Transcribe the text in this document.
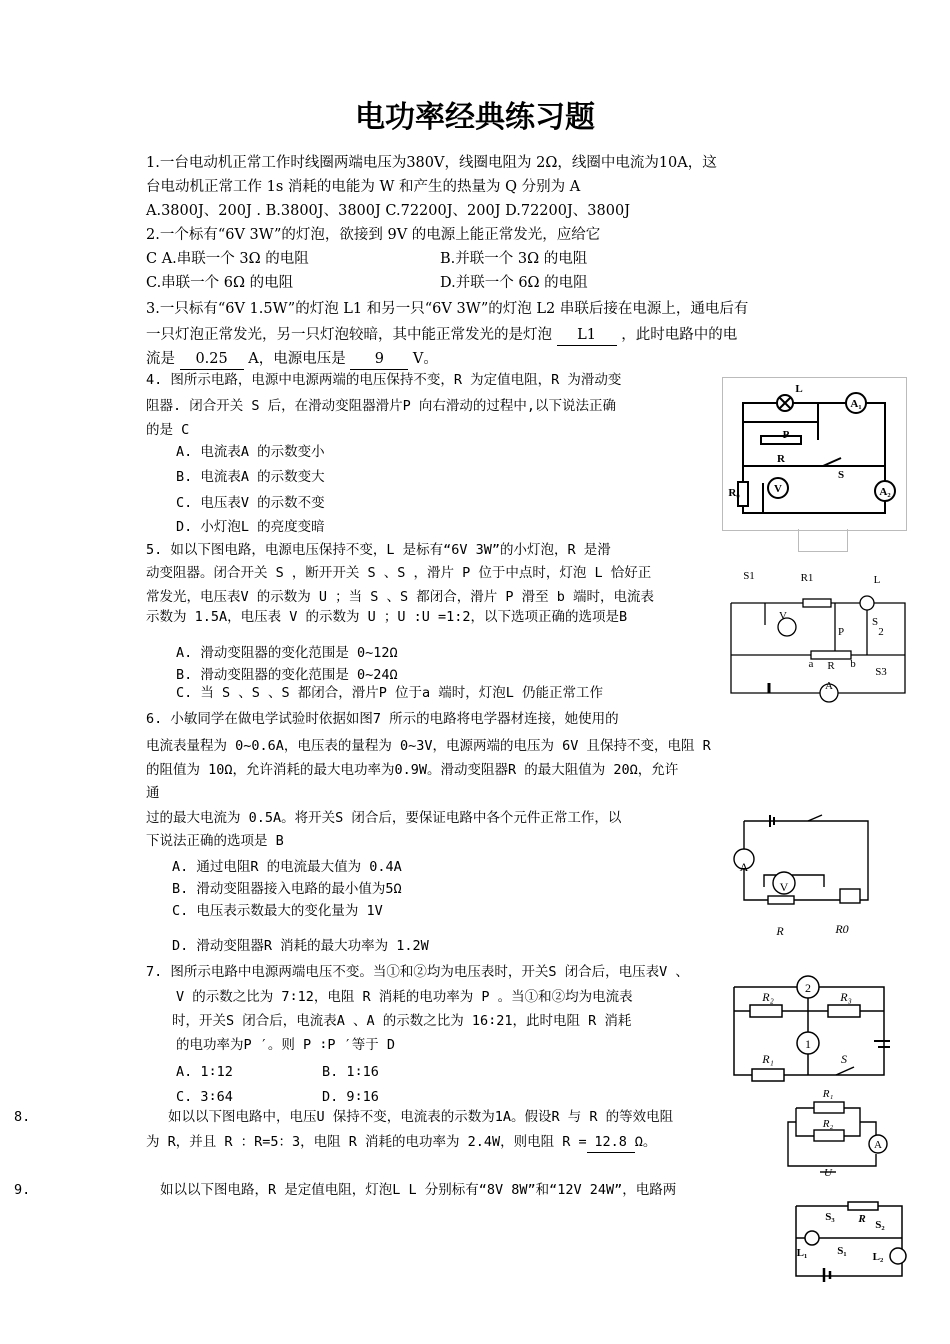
电功率经典练习题
1.一台电动机正常工作时线圈两端电压为380V，线圈电阻为 2Ω，线圈中电流为10A，这
台电动机正常工作 1s 消耗的电能为 W 和产生的热量为 Q 分别为 A
A.3800J、200J . B.3800J、3800J C.72200J、200J D.72200J、3800J
2.一个标有“6V 3W”的灯泡，欲接到 9V 的电源上能正常发光，应给它
C A.串联一个 3Ω 的电阻	B.并联一个 3Ω 的电阻
C.串联一个 6Ω 的电阻	D.并联一个 6Ω 的电阻
3.一只标有“6V 1.5W”的灯泡 L1 和另一只“6V 3W”的灯泡 L2 串联后接在电源上，通电后有
一只灯泡正常发光，另一只灯泡较暗，其中能正常发光的是灯泡 L1 ，此时电路中的电
流是 0.25 A，电源电压是 9 V。
4. 图所示电路，电源中电源两端的电压保持不变，R 为定值电阻，R 为滑动变
阻器. 闭合开关 S 后，在滑动变阻器滑片P 向右滑动的过程中,以下说法正确
的是 C
A. 电流表A 的示数变小
B. 电流表A 的示数变大
C. 电压表V 的示数不变
D. 小灯泡L 的亮度变暗
5. 如以下图电路，电源电压保持不变，L 是标有“6V 3W”的小灯泡，R 是滑
动变阻器。闭合开关 S ，断开开关 S 、S ，滑片 P 位于中点时，灯泡 L 恰好正
常发光，电压表V 的示数为 U ；当 S 、S 都闭合，滑片 P 滑至 b 端时，电流表
示数为 1.5A，电压表 V 的示数为 U ；U :U =1:2，以下选项正确的选项是B
A. 滑动变阻器的变化范围是 0~12Ω
B. 滑动变阻器的变化范围是 0~24Ω
C. 当 S 、S 、S 都闭合，滑片P 位于a 端时，灯泡L 仍能正常工作
6. 小敏同学在做电学试验时依据如图7 所示的电路将电学器材连接，她使用的
电流表量程为 0~0.6A，电压表的量程为 0~3V，电源两端的电压为 6V 且保持不变，电阻 R
的阻值为 10Ω，允许消耗的最大电功率为0.9W。滑动变阻器R 的最大阻值为 20Ω，允许
通
过的最大电流为 0.5A。将开关S 闭合后，要保证电路中各个元件正常工作，以
下说法正确的选项是 B
A. 通过电阻R 的电流最大值为 0.4A
B. 滑动变阻器接入电路的最小值为5Ω
C. 电压表示数最大的变化量为 1V
D. 滑动变阻器R 消耗的最大功率为 1.2W
7. 图所示电路中电源两端电压不变。当①和②均为电压表时，开关S 闭合后，电压表V 、
V 的示数之比为 7∶12，电阻 R 消耗的电功率为 P 。当①和②均为电流表
时，开关S 闭合后，电流表A 、A 的示数之比为 16∶21，此时电阻 R 消耗
的电功率为P ′。则 P ∶P ′等于 D
A. 1∶12	B. 1∶16
C. 3∶64	D. 9∶16
8.	如以以下图电路中，电压U 保持不变，电流表的示数为1A。假设R 与 R 的等效电阻
为 R，并且 R ：R=5：3，电阻 R 消耗的电功率为 2.4W，则电阻 R = 12.8 Ω。
9.	如以以下图电路，R 是定值电阻，灯泡L L 分别标有“8V 8W”和“12V 24W”，电路两
L
P
R
S
R₀	V
A₁
A₂
S1	R1	L
V
P
S
2
a R b
S3
A
A
V
R	R0
2
R₂	R₃
1
R₁	S
R₁
R₂
A
U
S₃ R S₂
L₁	S₁ L₂
